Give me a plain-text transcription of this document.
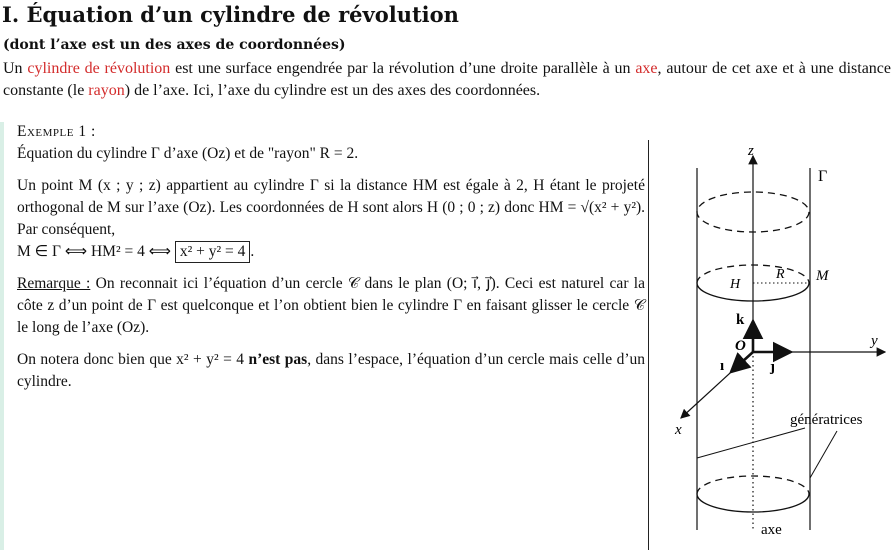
I. Équation d’un cylindre de révolution
(dont l’axe est un des axes de coordonnées)
Un cylindre de révolution est une surface engendrée par la révolution d’une droite parallèle à un axe, autour de cet axe et à une distance constante (le rayon) de l’axe. Ici, l’axe du cylindre est un des axes des coordonnées.
Exemple 1 :

Équation du cylindre Γ d’axe (Oz) et de "rayon" R = 2.

Un point M (x ; y ; z) appartient au cylindre Γ si la distance HM est égale à 2, H étant le projeté orthogonal de M sur l’axe (Oz). Les coordonnées de H sont alors H (0 ; 0 ; z) donc HM = √(x² + y²). Par conséquent,

M ∈ Γ ⟺ HM² = 4 ⟺ x² + y² = 4 .

Remarque : On reconnait ici l’équation d’un cercle 𝒞 dans le plan (O; ı⃗, ȷ⃗). Ceci est naturel car la côte z d’un point de Γ est quelconque et l’on obtient bien le cylindre Γ en faisant glisser le cercle 𝒞 le long de l’axe (Oz).

On notera donc bien que x² + y² = 4 n’est pas, dans l’espace, l’équation d’un cercle mais celle d’un cylindre.

z
Γ
R
H
M
k⃗
O	y
ı⃗ ȷ⃗
x
génératrices
axe
